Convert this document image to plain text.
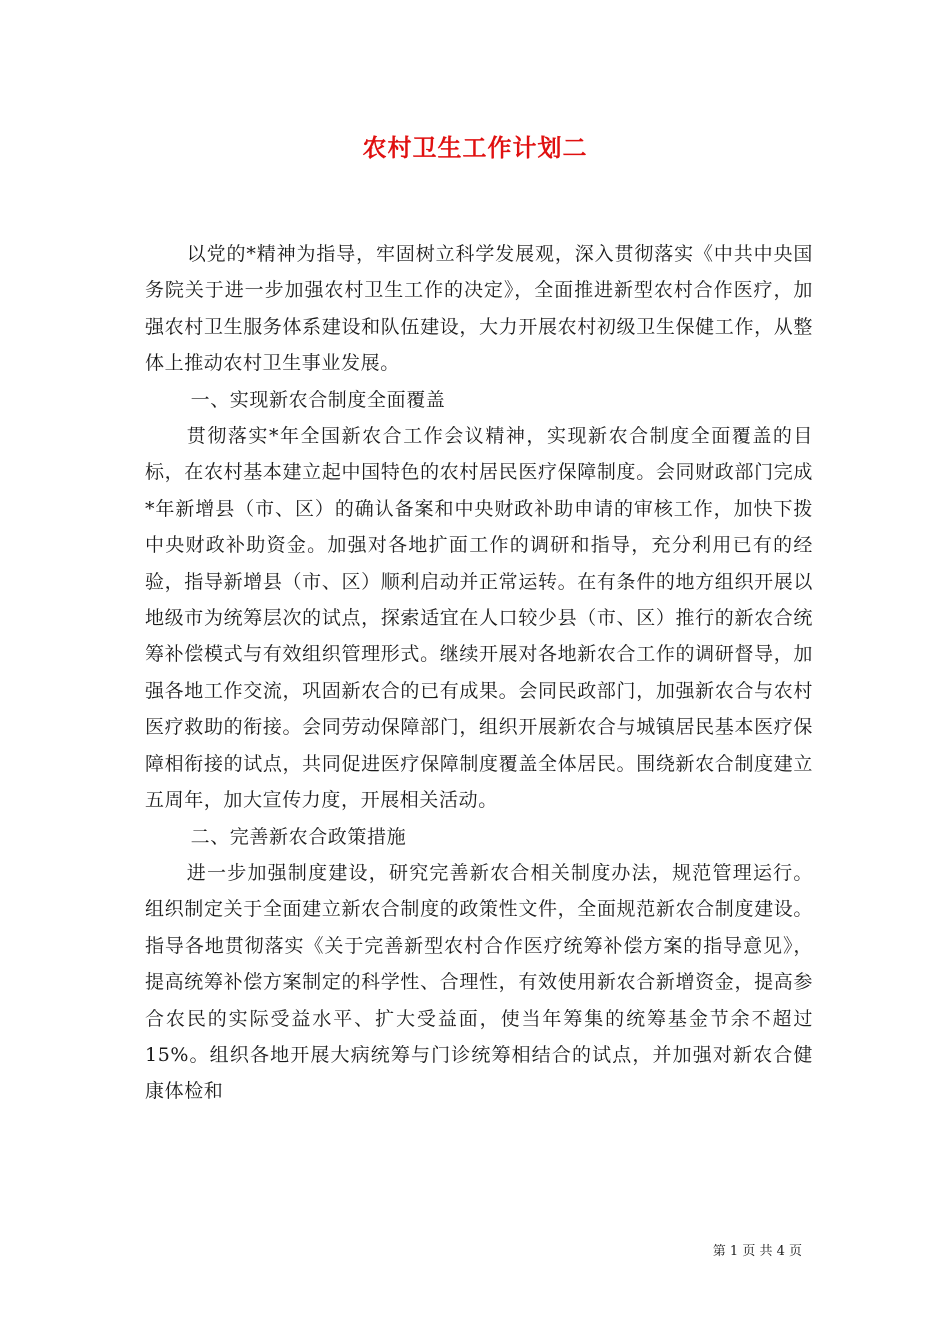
农村卫生工作计划二

以党的*精神为指导，牢固树立科学发展观，深入贯彻落实《中共中央国务院关于进一步加强农村卫生工作的决定》，全面推进新型农村合作医疗，加强农村卫生服务体系建设和队伍建设，大力开展农村初级卫生保健工作，从整体上推动农村卫生事业发展。

一、实现新农合制度全面覆盖

贯彻落实*年全国新农合工作会议精神，实现新农合制度全面覆盖的目标，在农村基本建立起中国特色的农村居民医疗保障制度。会同财政部门完成*年新增县（市、区）的确认备案和中央财政补助申请的审核工作，加快下拨中央财政补助资金。加强对各地扩面工作的调研和指导，充分利用已有的经验，指导新增县（市、区）顺利启动并正常运转。在有条件的地方组织开展以地级市为统筹层次的试点，探索适宜在人口较少县（市、区）推行的新农合统筹补偿模式与有效组织管理形式。继续开展对各地新农合工作的调研督导，加强各地工作交流，巩固新农合的已有成果。会同民政部门，加强新农合与农村医疗救助的衔接。会同劳动保障部门，组织开展新农合与城镇居民基本医疗保障相衔接的试点，共同促进医疗保障制度覆盖全体居民。围绕新农合制度建立五周年，加大宣传力度，开展相关活动。

二、完善新农合政策措施

进一步加强制度建设，研究完善新农合相关制度办法，规范管理运行。组织制定关于全面建立新农合制度的政策性文件，全面规范新农合制度建设。指导各地贯彻落实《关于完善新型农村合作医疗统筹补偿方案的指导意见》，提高统筹补偿方案制定的科学性、合理性，有效使用新农合新增资金，提高参合农民的实际受益水平、扩大受益面，使当年筹集的统筹基金节余不超过 15%。组织各地开展大病统筹与门诊统筹相结合的试点，并加强对新农合健康体检和

第 1 页 共 4 页
